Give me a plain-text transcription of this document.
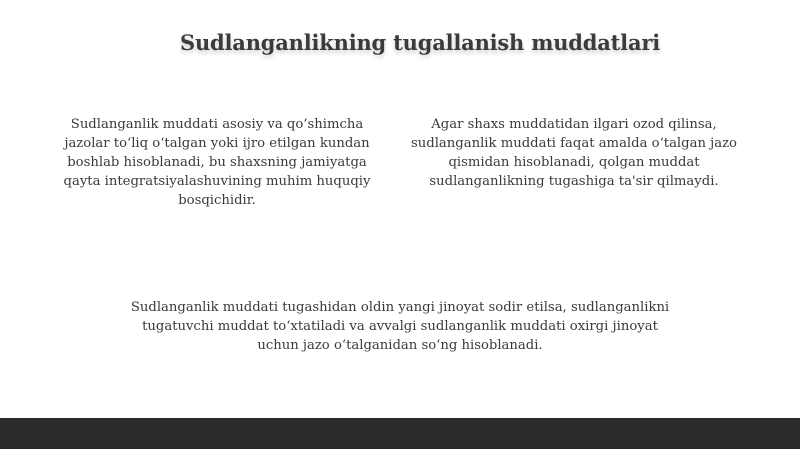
Sudlanganlikning tugallanish muddatlari

Sudlanganlik muddati asosiy va qo‘shimcha jazolar to‘liq o‘talgan yoki ijro etilgan kundan boshlab hisoblanadi, bu shaxsning jamiyatga qayta integratsiyalashuvining muhim huquqiy bosqichidir.

Agar shaxs muddatidan ilgari ozod qilinsa, sudlanganlik muddati faqat amalda o‘talgan jazo qismidan hisoblanadi, qolgan muddat sudlanganlikning tugashiga ta'sir qilmaydi.

Sudlanganlik muddati tugashidan oldin yangi jinoyat sodir etilsa, sudlanganlikni tugatuvchi muddat to‘xtatiladi va avvalgi sudlanganlik muddati oxirgi jinoyat uchun jazo o‘talganidan so‘ng hisoblanadi.
